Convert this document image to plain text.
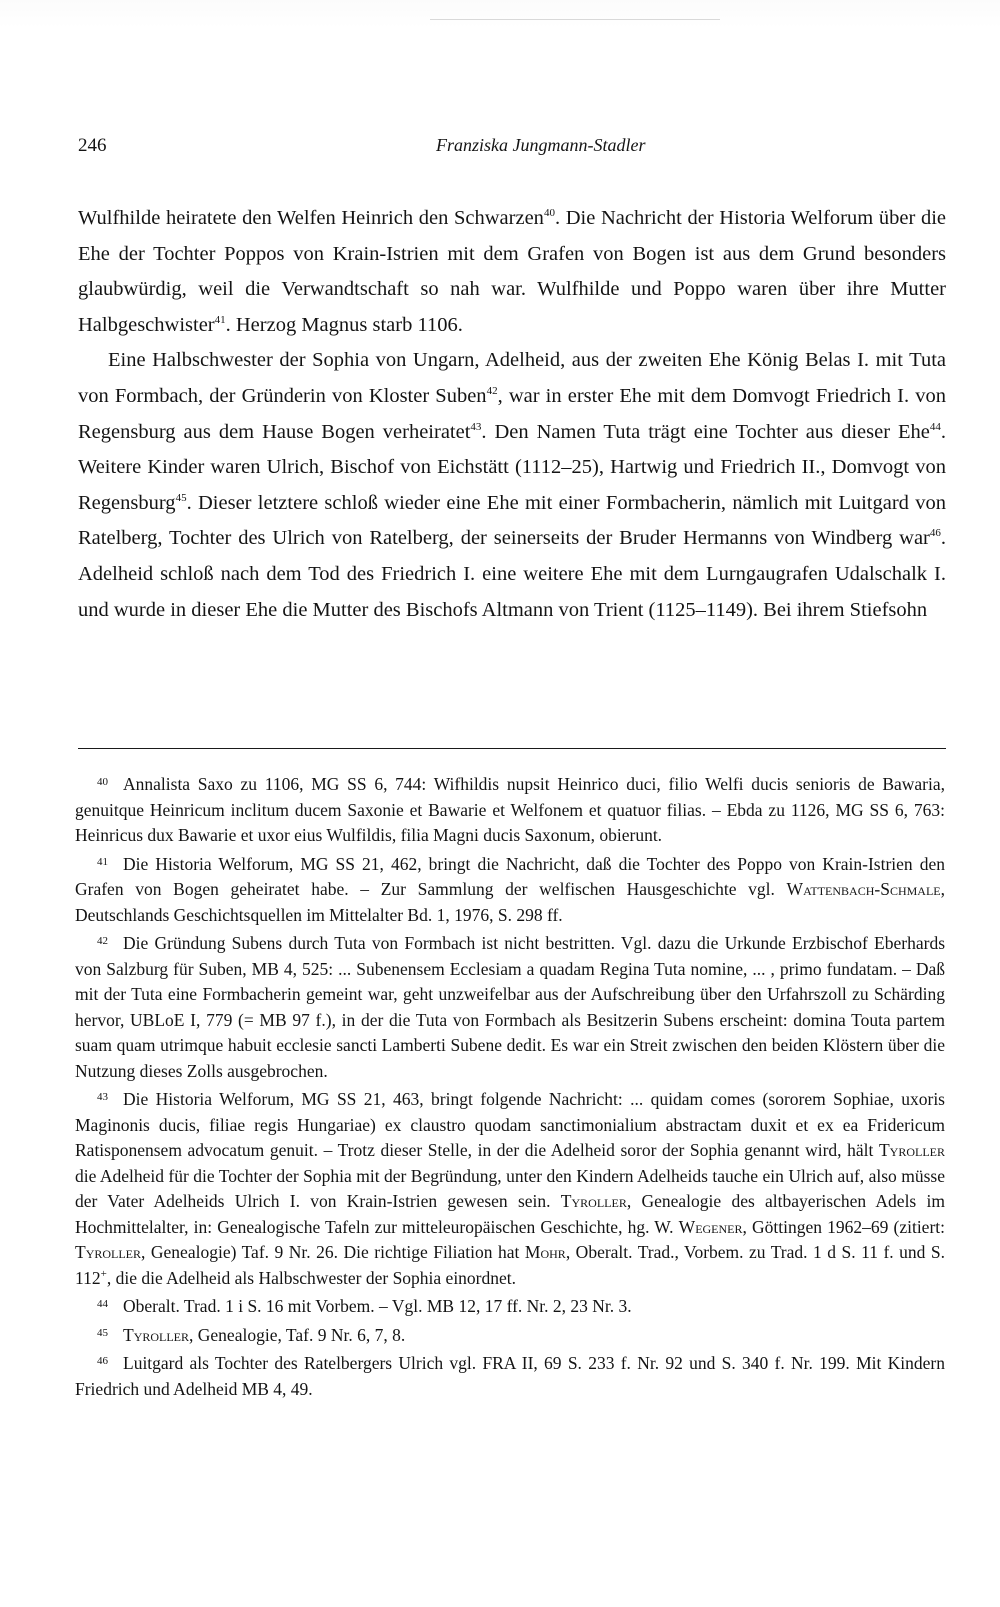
246	Franziska Jungmann-Stadler

Wulfhilde heiratete den Welfen Heinrich den Schwarzen$^{40}$. Die Nachricht der Historia Welforum über die Ehe der Tochter Poppos von Krain-Istrien mit dem Grafen von Bogen ist aus dem Grund besonders glaubwürdig, weil die Verwandtschaft so nah war. Wulfhilde und Poppo waren über ihre Mutter Halbgeschwister$^{41}$. Herzog Magnus starb 1106.

Eine Halbschwester der Sophia von Ungarn, Adelheid, aus der zweiten Ehe König Belas I. mit Tuta von Formbach, der Gründerin von Kloster Suben$^{42}$, war in erster Ehe mit dem Domvogt Friedrich I. von Regensburg aus dem Hause Bogen verheiratet$^{43}$. Den Namen Tuta trägt eine Tochter aus dieser Ehe$^{44}$. Weitere Kinder waren Ulrich, Bischof von Eichstätt (1112–25), Hartwig und Friedrich II., Domvogt von Regensburg$^{45}$. Dieser letztere schloß wieder eine Ehe mit einer Formbacherin, nämlich mit Luitgard von Ratelberg, Tochter des Ulrich von Ratelberg, der seinerseits der Bruder Hermanns von Windberg war$^{46}$. Adelheid schloß nach dem Tod des Friedrich I. eine weitere Ehe mit dem Lurngaugrafen Udalschalk I. und wurde in dieser Ehe die Mutter des Bischofs Altmann von Trient (1125–1149). Bei ihrem Stiefsohn

40 Annalista Saxo zu 1106, MG SS 6, 744: Wifhildis nupsit Heinrico duci, filio Welfi ducis senioris de Bawaria, genuitque Heinricum inclitum ducem Saxonie et Bawarie et Welfonem et quatuor filias. – Ebda zu 1126, MG SS 6, 763: Heinricus dux Bawarie et uxor eius Wulfildis, filia Magni ducis Saxonum, obierunt.

41 Die Historia Welforum, MG SS 21, 462, bringt die Nachricht, daß die Tochter des Poppo von Krain-Istrien den Grafen von Bogen geheiratet habe. – Zur Sammlung der welfischen Hausgeschichte vgl. Wattenbach-Schmale, Deutschlands Geschichtsquellen im Mittelalter Bd. 1, 1976, S. 298 ff.

42 Die Gründung Subens durch Tuta von Formbach ist nicht bestritten. Vgl. dazu die Urkunde Erzbischof Eberhards von Salzburg für Suben, MB 4, 525: ... Subenensem Ecclesiam a quadam Regina Tuta nomine, ... , primo fundatam. – Daß mit der Tuta eine Formbacherin gemeint war, geht unzweifelbar aus der Aufschreibung über den Urfahrszoll zu Schärding hervor, UBLoE I, 779 (= MB 97 f.), in der die Tuta von Formbach als Besitzerin Subens erscheint: domina Touta partem suam quam utrimque habuit ecclesie sancti Lamberti Subene dedit. Es war ein Streit zwischen den beiden Klöstern über die Nutzung dieses Zolls ausgebrochen.

43 Die Historia Welforum, MG SS 21, 463, bringt folgende Nachricht: ... quidam comes (sororem Sophiae, uxoris Maginonis ducis, filiae regis Hungariae) ex claustro quodam sanctimonialium abstractam duxit et ex ea Fridericum Ratisponensem advocatum genuit. – Trotz dieser Stelle, in der die Adelheid soror der Sophia genannt wird, hält Tyroller die Adelheid für die Tochter der Sophia mit der Begründung, unter den Kindern Adelheids tauche ein Ulrich auf, also müsse der Vater Adelheids Ulrich I. von Krain-Istrien gewesen sein. Tyroller, Genealogie des altbayerischen Adels im Hochmittelalter, in: Genealogische Tafeln zur mitteleuropäischen Geschichte, hg. W. Wegener, Göttingen 1962–69 (zitiert: Tyroller, Genealogie) Taf. 9 Nr. 26. Die richtige Filiation hat Mohr, Oberalt. Trad., Vorbem. zu Trad. 1 d S. 11 f. und S. 112+, die die Adelheid als Halbschwester der Sophia einordnet.

44 Oberalt. Trad. 1 i S. 16 mit Vorbem. – Vgl. MB 12, 17 ff. Nr. 2, 23 Nr. 3.

45 Tyroller, Genealogie, Taf. 9 Nr. 6, 7, 8.

46 Luitgard als Tochter des Ratelbergers Ulrich vgl. FRA II, 69 S. 233 f. Nr. 92 und S. 340 f. Nr. 199. Mit Kindern Friedrich und Adelheid MB 4, 49.
